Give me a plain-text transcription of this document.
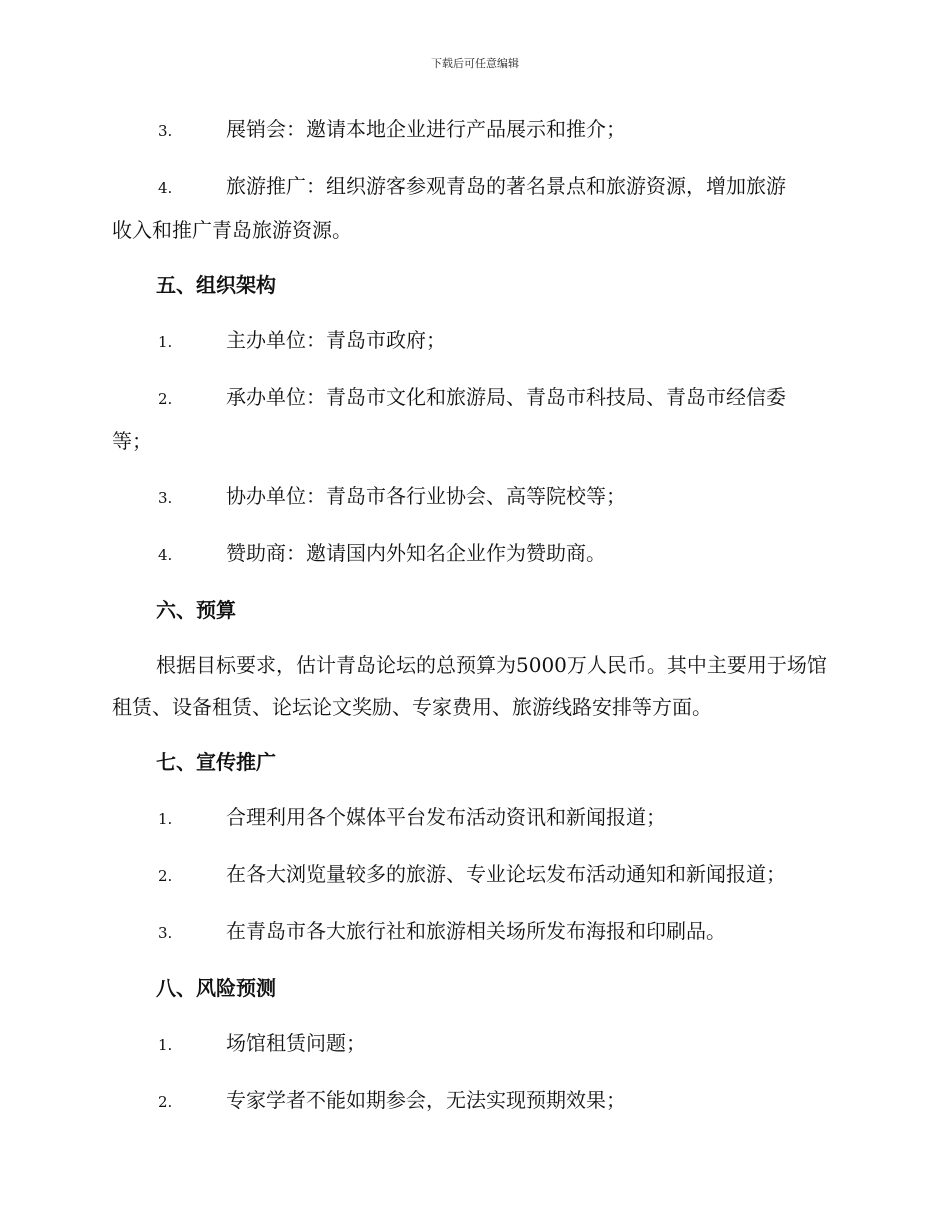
下载后可任意编辑
3.	展销会：邀请本地企业进行产品展示和推介；
4.	旅游推广：组织游客参观青岛的著名景点和旅游资源，增加旅游
收入和推广青岛旅游资源。
五、组织架构
1.	主办单位：青岛市政府；
2.	承办单位：青岛市文化和旅游局、青岛市科技局、青岛市经信委
等；
3.	协办单位：青岛市各行业协会、高等院校等；
4.	赞助商：邀请国内外知名企业作为赞助商。
六、预算
根据目标要求，估计青岛论坛的总预算为5000万人民币。其中主要用于场馆租赁、设备租赁、论坛论文奖励、专家费用、旅游线路安排等方面。
七、宣传推广
1.	合理利用各个媒体平台发布活动资讯和新闻报道；
2.	在各大浏览量较多的旅游、专业论坛发布活动通知和新闻报道；
3.	在青岛市各大旅行社和旅游相关场所发布海报和印刷品。
八、风险预测
1.	场馆租赁问题；
2.	专家学者不能如期参会，无法实现预期效果；
